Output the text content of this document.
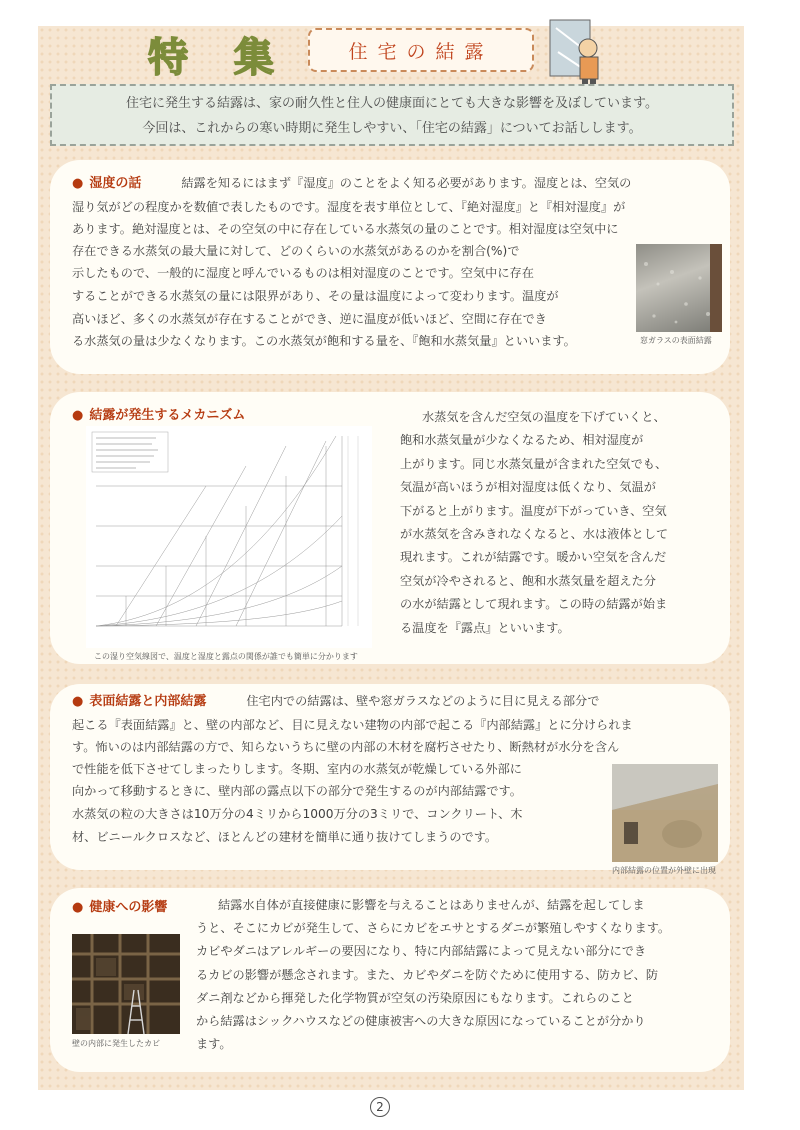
特 集	住宅の結露
住宅に発生する結露は、家の耐久性と住人の健康面にとても大きな影響を及ぼしています。
今回は、これからの寒い時期に発生しやすい、「住宅の結露」についてお話しします。
● 湿度の話	結露を知るにはまず『湿度』のことをよく知る必要があります。湿度とは、空気の
湿り気がどの程度かを数値で表したものです。湿度を表す単位として、『絶対湿度』と『相対湿度』が
あります。絶対湿度とは、その空気の中に存在している水蒸気の量のことです。相対湿度は空気中に
存在できる水蒸気の最大量に対して、どのくらいの水蒸気があるのかを割合(%)で
示したもので、一般的に湿度と呼んでいるものは相対湿度のことです。空気中に存在
することができる水蒸気の量には限界があり、その量は温度によって変わります。温度が
高いほど、多くの水蒸気が存在することができ、逆に温度が低いほど、空間に存在でき
る水蒸気の量は少なくなります。この水蒸気が飽和する量を、『飽和水蒸気量』といいます。	窓ガラスの表面結露
● 結露が発生するメカニズム
この湿り空気線図で、温度と湿度と露点の関係が誰でも簡単に分かります
水蒸気を含んだ空気の温度を下げていくと、
飽和水蒸気量が少なくなるため、相対湿度が
上がります。同じ水蒸気量が含まれた空気でも、
気温が高いほうが相対湿度は低くなり、気温が
下がると上がります。温度が下がっていき、空気
が水蒸気を含みきれなくなると、水は液体として
現れます。これが結露です。暖かい空気を含んだ
空気が冷やされると、飽和水蒸気量を超えた分
の水が結露として現れます。この時の結露が始ま
る温度を『露点』といいます。
● 表面結露と内部結露	住宅内での結露は、壁や窓ガラスなどのように目に見える部分で
起こる『表面結露』と、壁の内部など、目に見えない建物の内部で起こる『内部結露』とに分けられま
す。怖いのは内部結露の方で、知らないうちに壁の内部の木材を腐朽させたり、断熱材が水分を含ん
で性能を低下させてしまったりします。冬期、室内の水蒸気が乾燥している外部に
向かって移動するときに、壁内部の露点以下の部分で発生するのが内部結露です。
水蒸気の粒の大きさは10万分の4ミリから1000万分の3ミリで、コンクリート、木
材、ビニールクロスなど、ほとんどの建材を簡単に通り抜けてしまうのです。
内部結露の位置が外壁に出現
● 健康への影響	結露水自体が直接健康に影響を与えることはありませんが、結露を起してしま
うと、そこにカビが発生して、さらにカビをエサとするダニが繁殖しやすくなります。
カビやダニはアレルギーの要因になり、特に内部結露によって見えない部分にでき
るカビの影響が懸念されます。また、カビやダニを防ぐために使用する、防カビ、防
ダニ剤などから揮発した化学物質が空気の汚染原因にもなります。これらのこと
から結露はシックハウスなどの健康被害への大きな原因になっていることが分かり
ます。
壁の内部に発生したカビ
2
